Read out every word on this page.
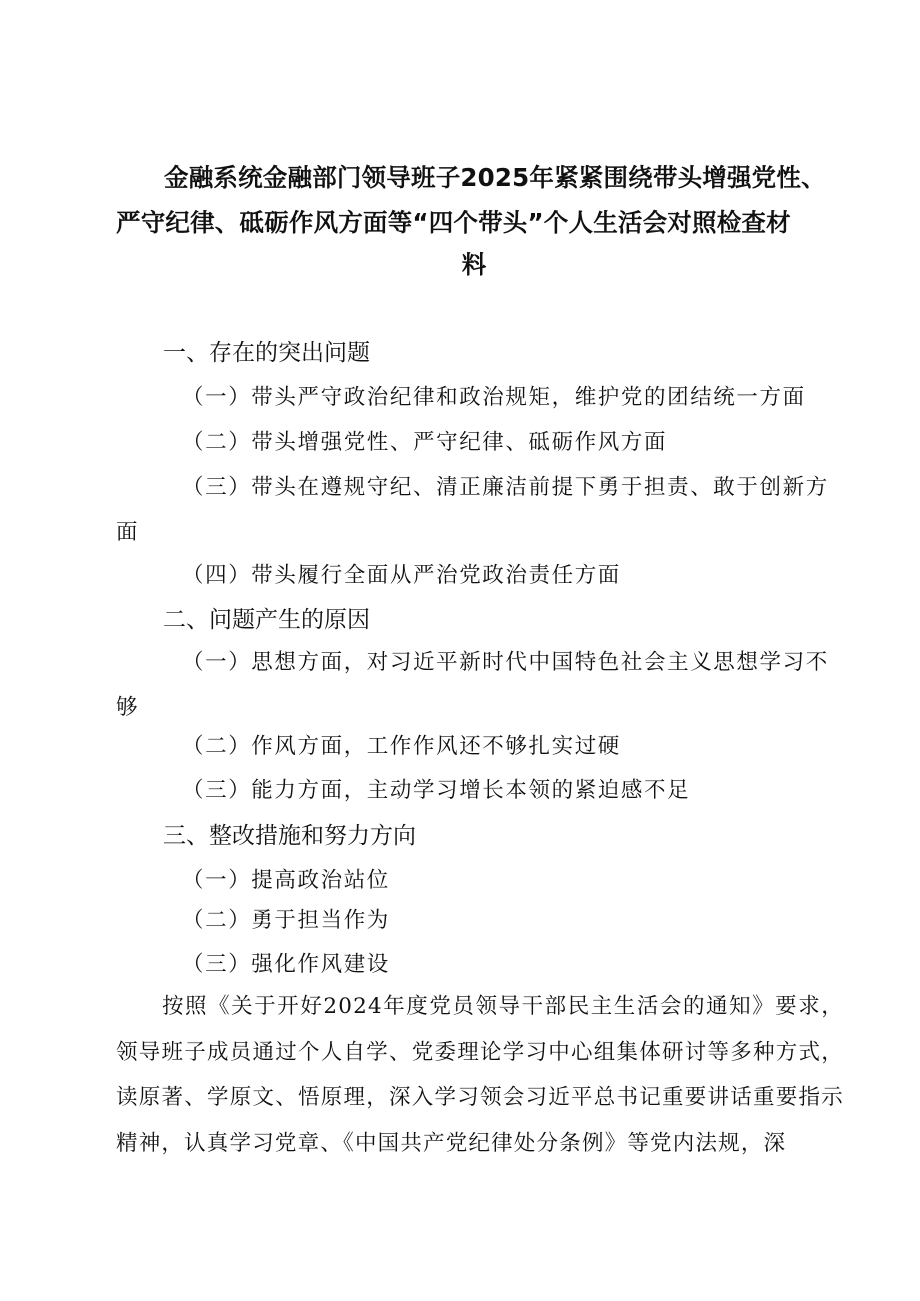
金融系统金融部门领导班子2025年紧紧围绕带头增强党性、严守纪律、砥砺作风方面等“四个带头”个人生活会对照检查材
料
一、存在的突出问题
（一）带头严守政治纪律和政治规矩，维护党的团结统一方面
（二）带头增强党性、严守纪律、砥砺作风方面
（三）带头在遵规守纪、清正廉洁前提下勇于担责、敢于创新方面
（四）带头履行全面从严治党政治责任方面
二、问题产生的原因
（一）思想方面，对习近平新时代中国特色社会主义思想学习不够
（二）作风方面，工作作风还不够扎实过硬
（三）能力方面，主动学习增长本领的紧迫感不足
三、整改措施和努力方向
（一）提高政治站位
（二）勇于担当作为
（三）强化作风建设
按照《关于开好2024年度党员领导干部民主生活会的通知》要求，领导班子成员通过个人自学、党委理论学习中心组集体研讨等多种方式，读原著、学原文、悟原理，深入学习领会习近平总书记重要讲话重要指示精神，认真学习党章、《中国共产党纪律处分条例》等党内法规，深
